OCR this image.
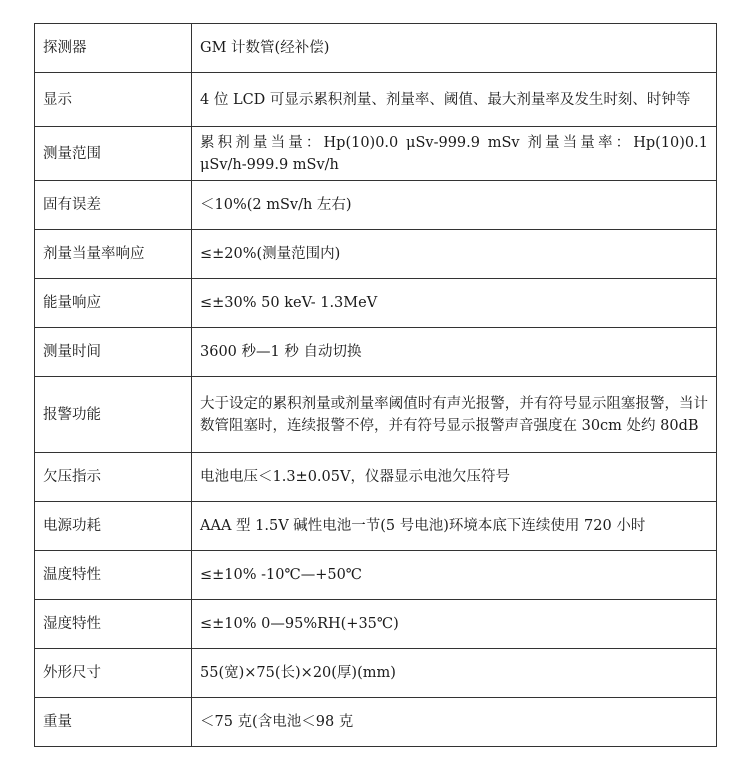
探测器	GM 计数管(经补偿)
显示	4 位 LCD 可显示累积剂量、剂量率、阈值、最大剂量率及发生时刻、时钟等
测量范围	累积剂量当量：Hp(10)0.0 μSv-999.9 mSv 剂量当量率：Hp(10)0.1 μSv/h-999.9 mSv/h
固有误差	＜10%(2 mSv/h 左右)
剂量当量率响应	≤±20%(测量范围内)
能量响应	≤±30% 50 keV- 1.3MeV
测量时间	3600 秒—1 秒 自动切换
报警功能	大于设定的累积剂量或剂量率阈值时有声光报警，并有符号显示阻塞报警，当计数管阻塞时，连续报警不停，并有符号显示报警声音强度在 30cm 处约 80dB
欠压指示	电池电压＜1.3±0.05V，仪器显示电池欠压符号
电源功耗	AAA 型 1.5V 碱性电池一节(5 号电池)环境本底下连续使用 720 小时
温度特性	≤±10% -10℃—+50℃
湿度特性	≤±10% 0—95%RH(+35℃)
外形尺寸	55(宽)×75(长)×20(厚)(mm)
重量	＜75 克(含电池＜98 克
